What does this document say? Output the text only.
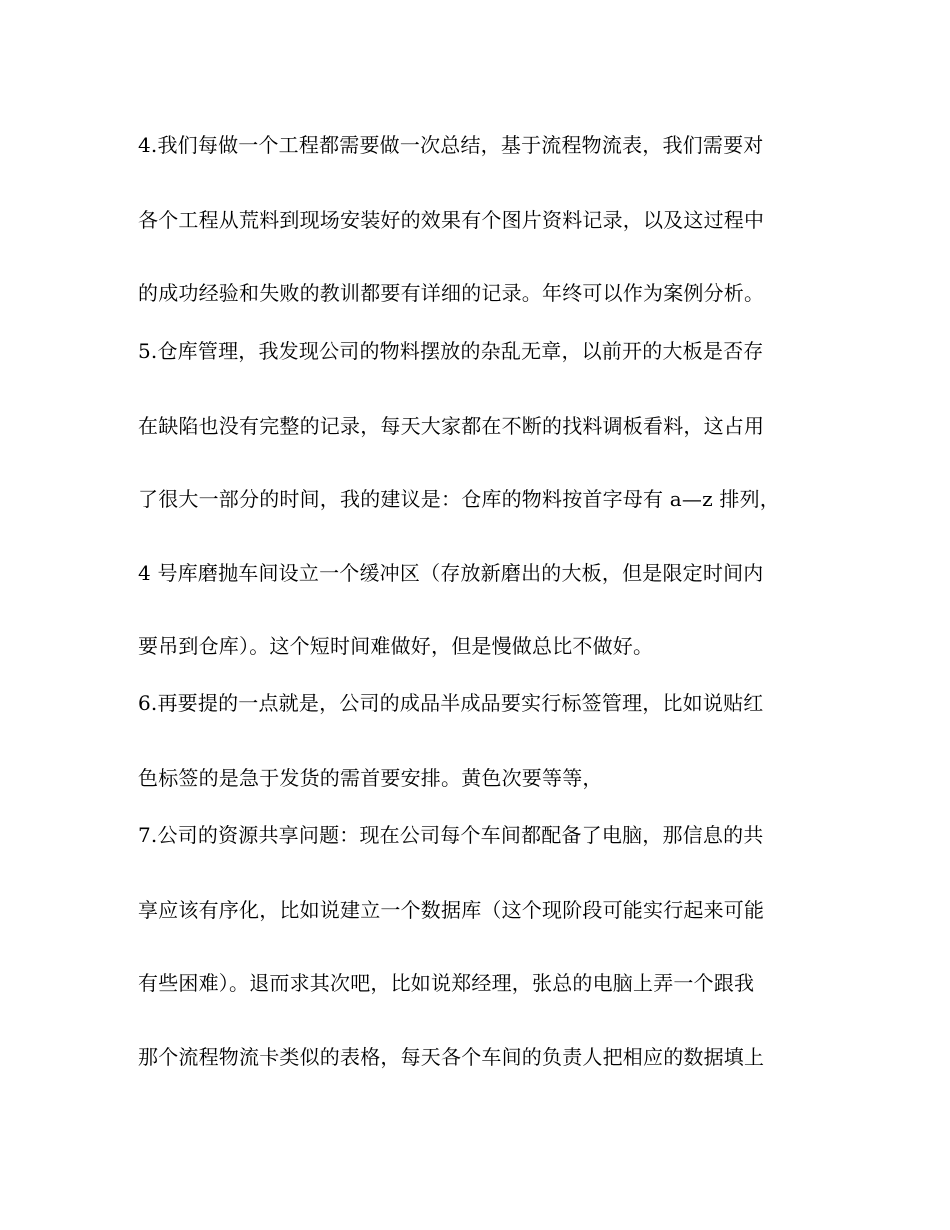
4.我们每做一个工程都需要做一次总结，基于流程物流表，我们需要对
各个工程从荒料到现场安装好的效果有个图片资料记录，以及这过程中
的成功经验和失败的教训都要有详细的记录。年终可以作为案例分析。
5.仓库管理，我发现公司的物料摆放的杂乱无章，以前开的大板是否存
在缺陷也没有完整的记录，每天大家都在不断的找料调板看料，这占用
了很大一部分的时间，我的建议是：仓库的物料按首字母有 a—z 排列，
4 号库磨抛车间设立一个缓冲区（存放新磨出的大板，但是限定时间内
要吊到仓库）。这个短时间难做好，但是慢做总比不做好。
6.再要提的一点就是，公司的成品半成品要实行标签管理，比如说贴红
色标签的是急于发货的需首要安排。黄色次要等等，
7.公司的资源共享问题：现在公司每个车间都配备了电脑，那信息的共
享应该有序化，比如说建立一个数据库（这个现阶段可能实行起来可能
有些困难）。退而求其次吧，比如说郑经理，张总的电脑上弄一个跟我
那个流程物流卡类似的表格，每天各个车间的负责人把相应的数据填上
